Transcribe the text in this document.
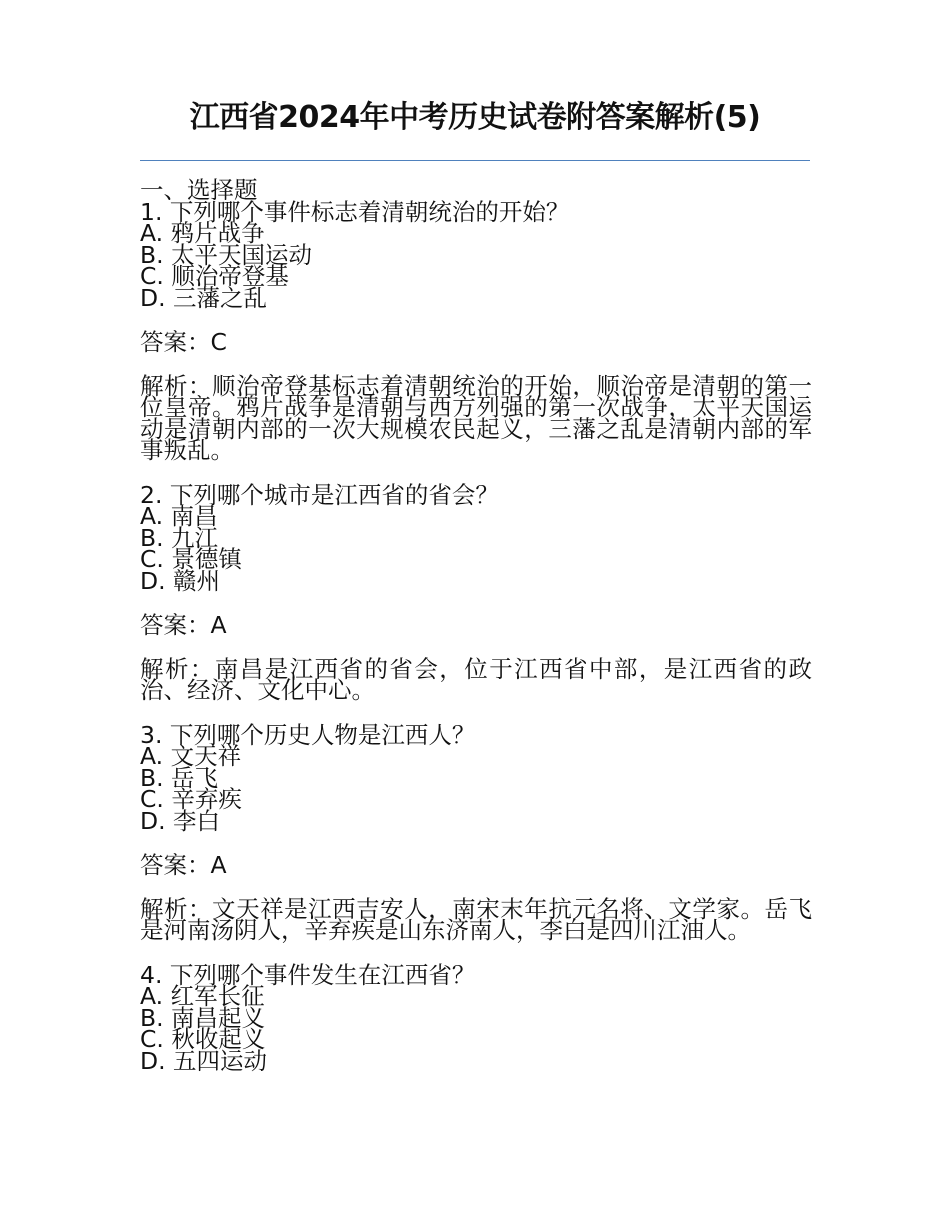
江西省2024年中考历史试卷附答案解析(5)
一、选择题
1. 下列哪个事件标志着清朝统治的开始？
A. 鸦片战争
B. 太平天国运动
C. 顺治帝登基
D. 三藩之乱
答案：C
解析：顺治帝登基标志着清朝统治的开始，顺治帝是清朝的第一位皇帝。鸦片战争是清朝与西方列强的第一次战争，太平天国运动是清朝内部的一次大规模农民起义，三藩之乱是清朝内部的军事叛乱。
2. 下列哪个城市是江西省的省会？
A. 南昌
B. 九江
C. 景德镇
D. 赣州
答案：A
解析：南昌是江西省的省会，位于江西省中部，是江西省的政治、经济、文化中心。
3. 下列哪个历史人物是江西人？
A. 文天祥
B. 岳飞
C. 辛弃疾
D. 李白
答案：A
解析：文天祥是江西吉安人，南宋末年抗元名将、文学家。岳飞是河南汤阴人，辛弃疾是山东济南人，李白是四川江油人。
4. 下列哪个事件发生在江西省？
A. 红军长征
B. 南昌起义
C. 秋收起义
D. 五四运动
